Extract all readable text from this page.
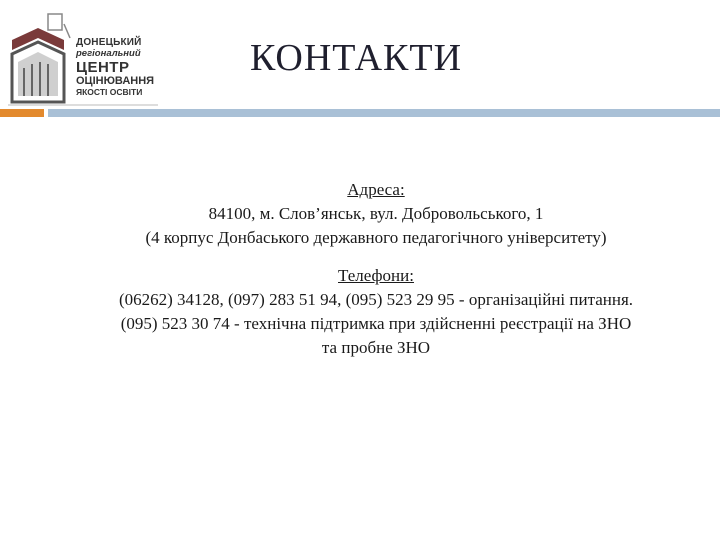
ДОНЕЦЬКИЙ
регіональний
ЦЕНТР
ОЦІНЮВАННЯ
ЯКОСТІ ОСВІТИ
КОНТАКТИ
Адреса:
84100, м. Слов’янськ, вул. Добровольського, 1
(4 корпус Донбаського державного педагогічного університету)
Телефони:
(06262) 34128, (097) 283 51 94, (095) 523 29 95 - організаційні питання.
(095) 523 30 74 - технічна підтримка при здійсненні реєстрації на ЗНО
та пробне ЗНО
